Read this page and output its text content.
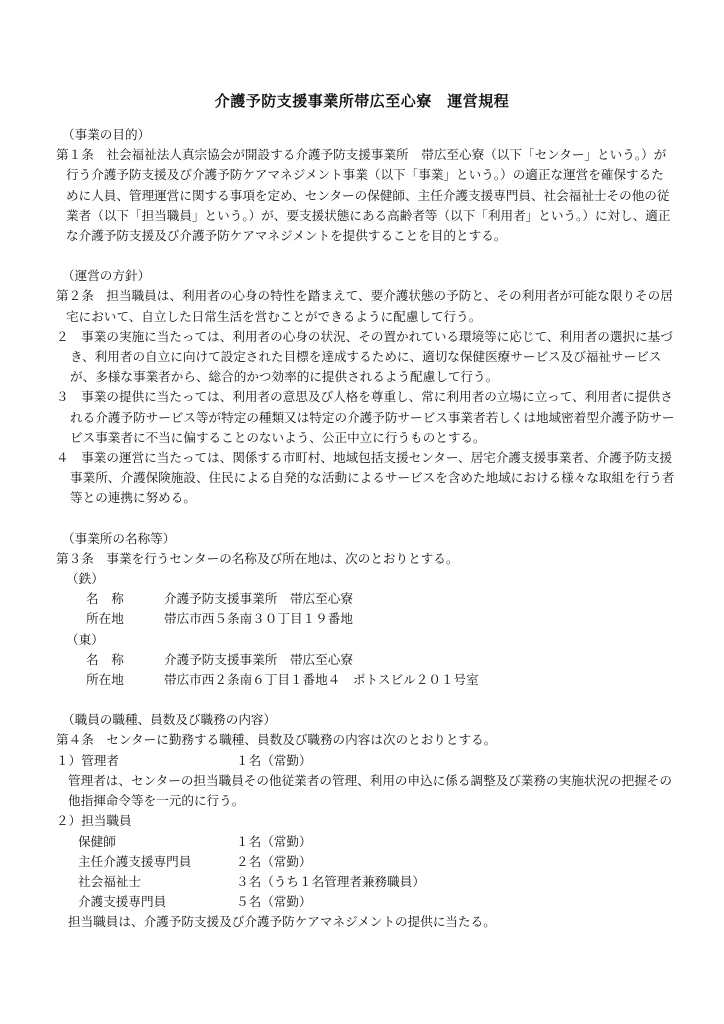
介護予防支援事業所帯広至心寮　運営規程
（事業の目的）
第１条　社会福祉法人真宗協会が開設する介護予防支援事業所　帯広至心寮（以下「センター」という。）が行う介護予防支援及び介護予防ケアマネジメント事業（以下「事業」という。）の適正な運営を確保するために人員、管理運営に関する事項を定め、センターの保健師、主任介護支援専門員、社会福祉士その他の従業者（以下「担当職員」という。）が、要支援状態にある高齢者等（以下「利用者」という。）に対し、適正な介護予防支援及び介護予防ケアマネジメントを提供することを目的とする。
（運営の方針）
第２条　担当職員は、利用者の心身の特性を踏まえて、要介護状態の予防と、その利用者が可能な限りその居宅において、自立した日常生活を営むことができるように配慮して行う。
２　事業の実施に当たっては、利用者の心身の状況、その置かれている環境等に応じて、利用者の選択に基づき、利用者の自立に向けて設定された目標を達成するために、適切な保健医療サービス及び福祉サービスが、多様な事業者から、総合的かつ効率的に提供されるよう配慮して行う。
３　事業の提供に当たっては、利用者の意思及び人格を尊重し、常に利用者の立場に立って、利用者に提供される介護予防サービス等が特定の種類又は特定の介護予防サービス事業者若しくは地域密着型介護予防サービス事業者に不当に偏することのないよう、公正中立に行うものとする。
４　事業の運営に当たっては、関係する市町村、地域包括支援センター、居宅介護支援事業者、介護予防支援事業所、介護保険施設、住民による自発的な活動によるサービスを含めた地域における様々な取組を行う者等との連携に努める。
（事業所の名称等）
第３条　事業を行うセンターの名称及び所在地は、次のとおりとする。
（鉄）
名　称	介護予防支援事業所　帯広至心寮
所在地	帯広市西５条南３０丁目１９番地
（東）
名　称	介護予防支援事業所　帯広至心寮
所在地	帯広市西２条南６丁目１番地４　ポトスビル２０１号室
（職員の職種、員数及び職務の内容）
第４条　センターに勤務する職種、員数及び職務の内容は次のとおりとする。
１）管理者	１名（常勤）
管理者は、センターの担当職員その他従業者の管理、利用の申込に係る調整及び業務の実施状況の把握その他指揮命令等を一元的に行う。
２）担当職員
保健師	１名（常勤）
主任介護支援専門員	２名（常勤）
社会福祉士	３名（うち１名管理者兼務職員）
介護支援専門員	５名（常勤）
担当職員は、介護予防支援及び介護予防ケアマネジメントの提供に当たる。
